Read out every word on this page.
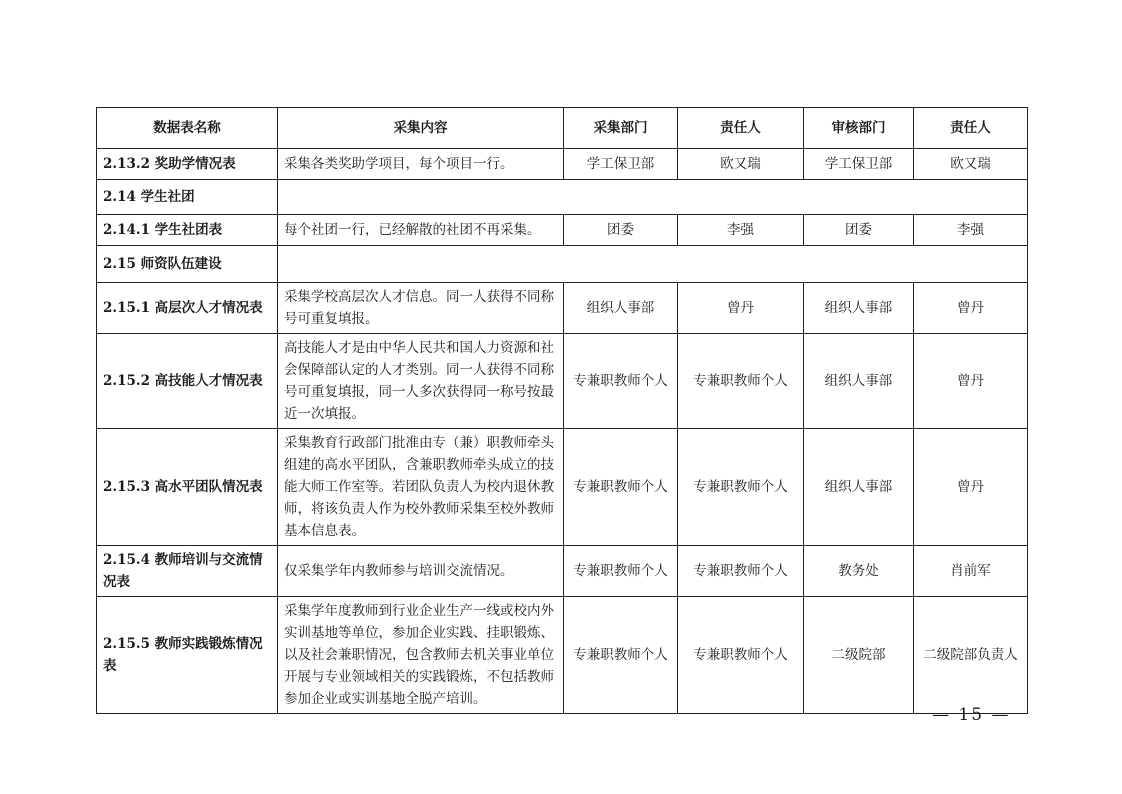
数据表名称	采集内容	采集部门	责任人	审核部门	责任人
2.13.2 奖助学情况表	采集各类奖助学项目，每个项目一行。	学工保卫部	欧又瑞	学工保卫部	欧又瑞
2.14 学生社团					
2.14.1 学生社团表	每个社团一行，已经解散的社团不再采集。	团委	李强	团委	李强
2.15 师资队伍建设					
2.15.1 高层次人才情况表	采集学校高层次人才信息。同一人获得不同称号可重复填报。	组织人事部	曾丹	组织人事部	曾丹
2.15.2 高技能人才情况表	高技能人才是由中华人民共和国人力资源和社会保障部认定的人才类别。同一人获得不同称号可重复填报，同一人多次获得同一称号按最近一次填报。	专兼职教师个人	专兼职教师个人	组织人事部	曾丹
2.15.3 高水平团队情况表	采集教育行政部门批准由专（兼）职教师牵头组建的高水平团队，含兼职教师牵头成立的技能大师工作室等。若团队负责人为校内退休教师，将该负责人作为校外教师采集至校外教师基本信息表。	专兼职教师个人	专兼职教师个人	组织人事部	曾丹
2.15.4 教师培训与交流情况表	仅采集学年内教师参与培训交流情况。	专兼职教师个人	专兼职教师个人	教务处	肖前军
2.15.5 教师实践锻炼情况表	采集学年度教师到行业企业生产一线或校内外实训基地等单位，参加企业实践、挂职锻炼、以及社会兼职情况，包含教师去机关事业单位开展与专业领域相关的实践锻炼，不包括教师参加企业或实训基地全脱产培训。	专兼职教师个人	专兼职教师个人	二级院部	二级院部负责人
— 15 —
